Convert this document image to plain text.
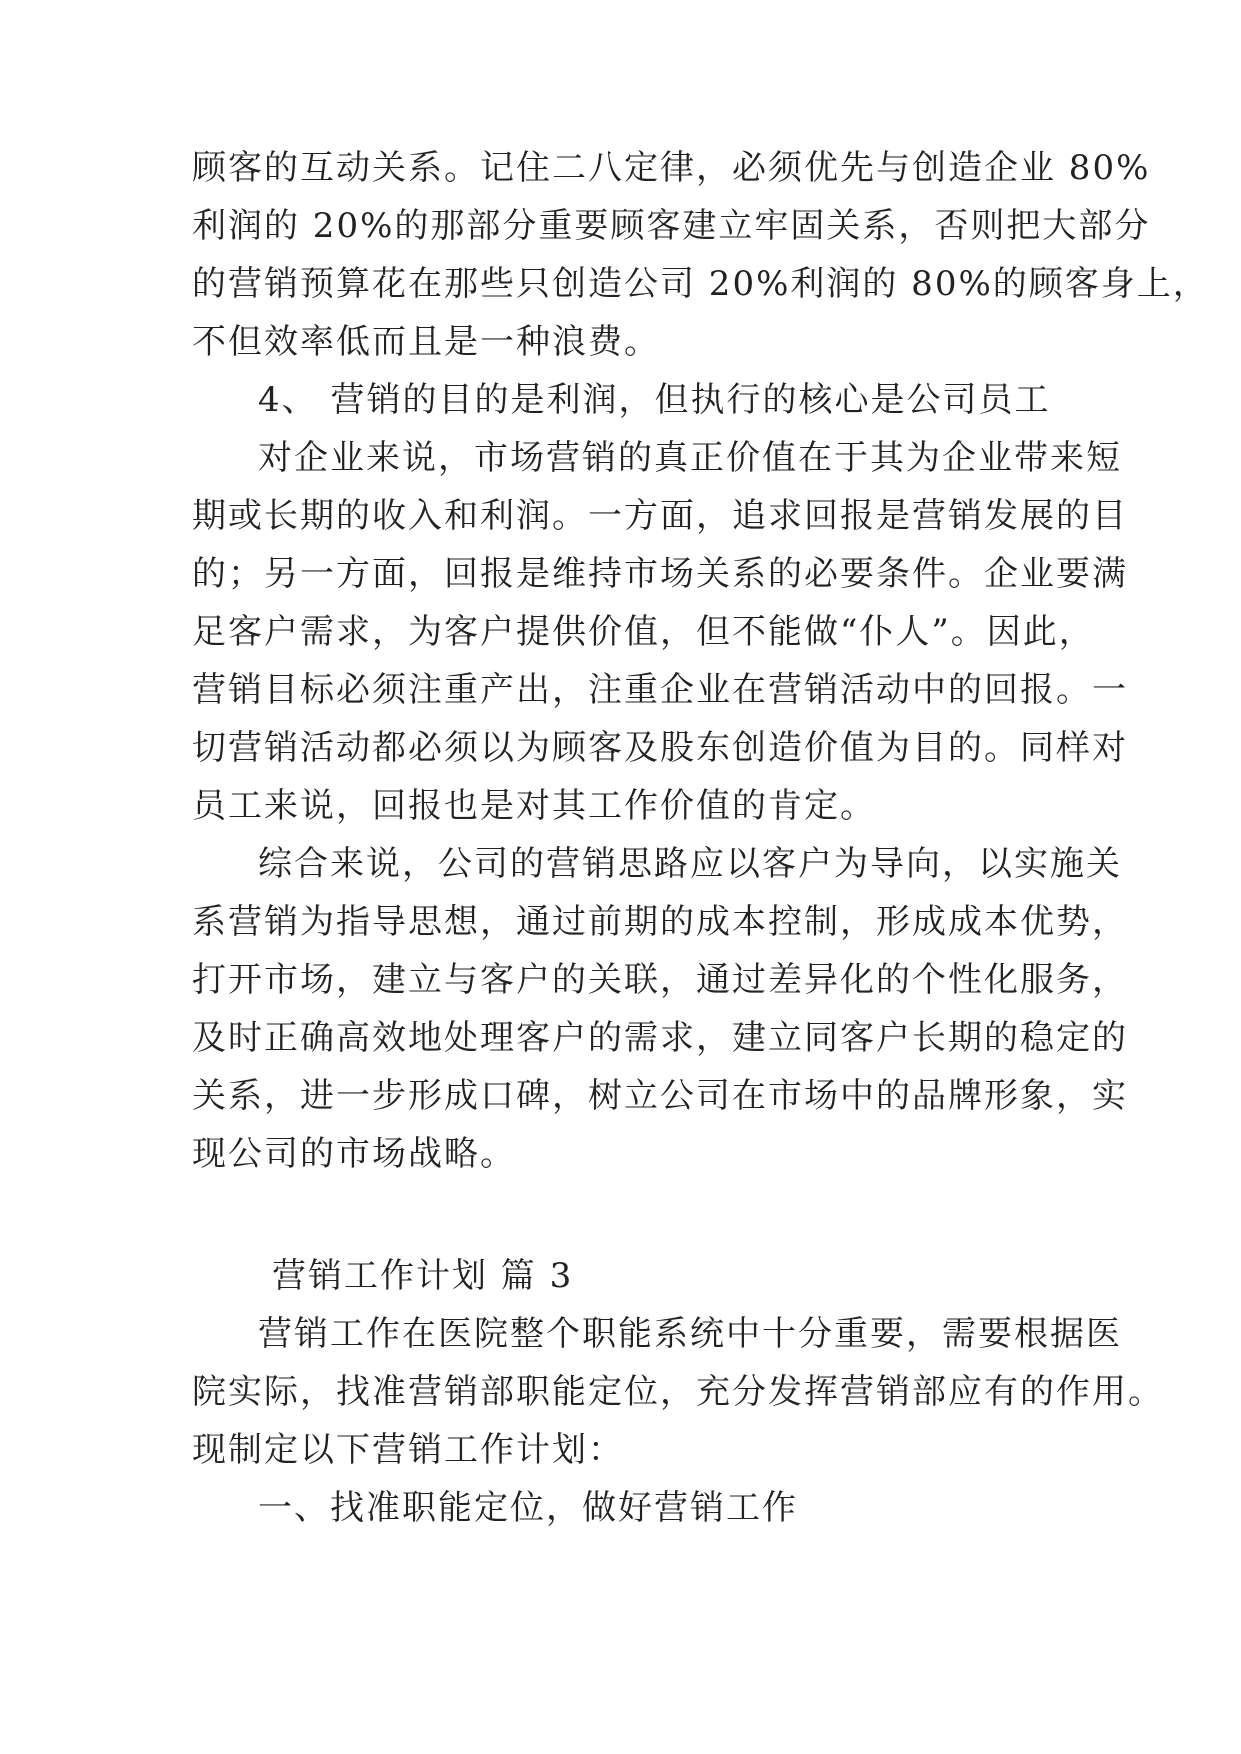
顾客的互动关系。记住二八定律，必须优先与创造企业 80%
利润的 20%的那部分重要顾客建立牢固关系，否则把大部分
的营销预算花在那些只创造公司 20%利润的 80%的顾客身上，
不但效率低而且是一种浪费。
4、 营销的目的是利润，但执行的核心是公司员工
对企业来说，市场营销的真正价值在于其为企业带来短
期或长期的收入和利润。一方面，追求回报是营销发展的目
的；另一方面，回报是维持市场关系的必要条件。企业要满
足客户需求，为客户提供价值，但不能做“仆人”。因此，
营销目标必须注重产出，注重企业在营销活动中的回报。一
切营销活动都必须以为顾客及股东创造价值为目的。同样对
员工来说，回报也是对其工作价值的肯定。
综合来说，公司的营销思路应以客户为导向，以实施关
系营销为指导思想，通过前期的成本控制，形成成本优势，
打开市场，建立与客户的关联，通过差异化的个性化服务，
及时正确高效地处理客户的需求，建立同客户长期的稳定的
关系，进一步形成口碑，树立公司在市场中的品牌形象，实
现公司的市场战略。
营销工作计划 篇 3
营销工作在医院整个职能系统中十分重要，需要根据医
院实际，找准营销部职能定位，充分发挥营销部应有的作用。
现制定以下营销工作计划：
一、找准职能定位，做好营销工作
